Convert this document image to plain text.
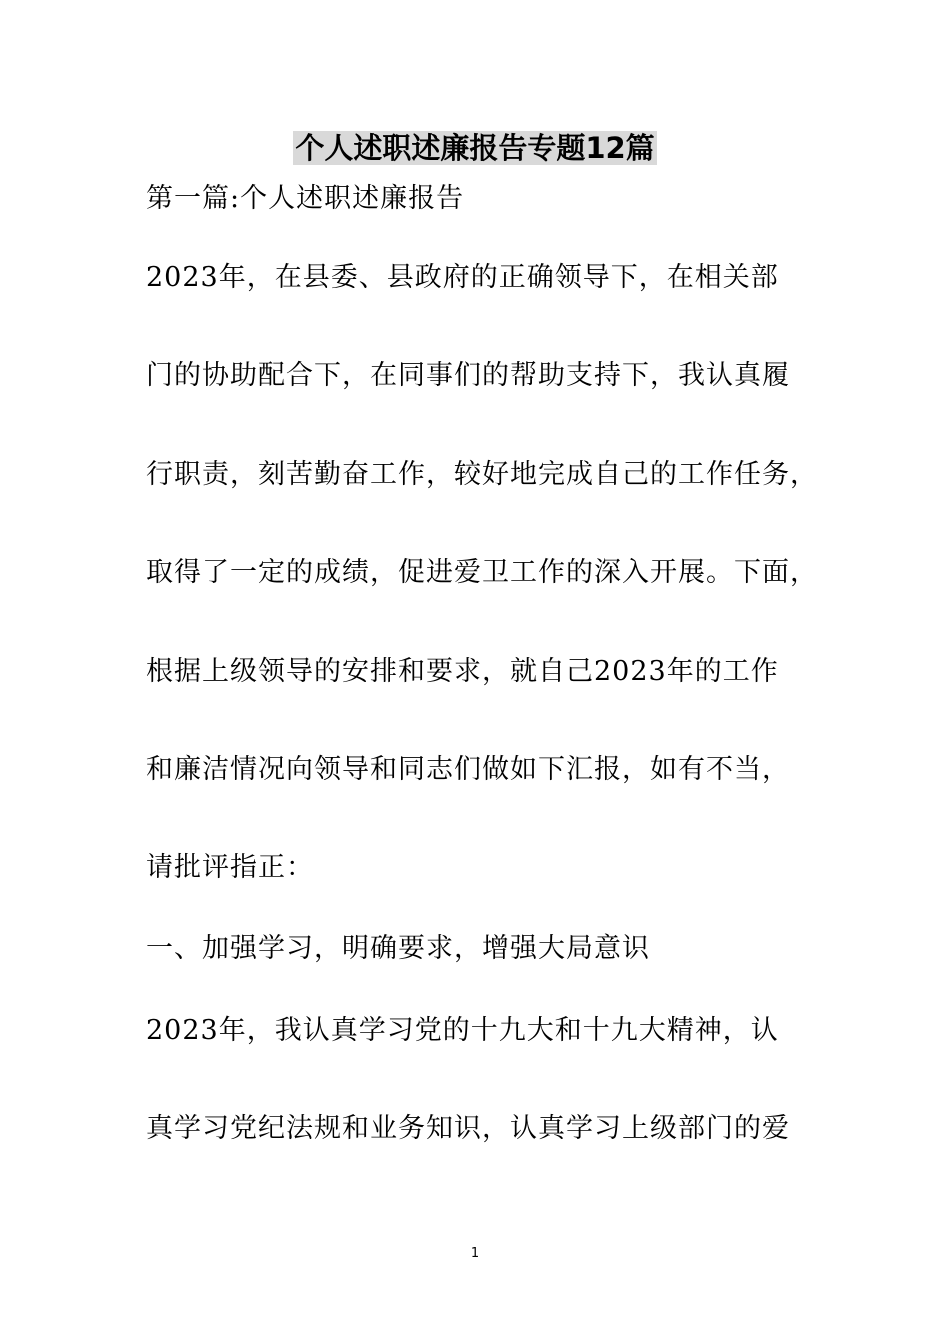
个人述职述廉报告专题12篇
第一篇:个人述职述廉报告
2023年，在县委、县政府的正确领导下，在相关部
门的协助配合下，在同事们的帮助支持下，我认真履
行职责，刻苦勤奋工作，较好地完成自己的工作任务，
取得了一定的成绩，促进爱卫工作的深入开展。下面，
根据上级领导的安排和要求，就自己2023年的工作
和廉洁情况向领导和同志们做如下汇报，如有不当，
请批评指正：
一、加强学习，明确要求，增强大局意识
2023年，我认真学习党的十九大和十九大精神，认
真学习党纪法规和业务知识，认真学习上级部门的爱
1
